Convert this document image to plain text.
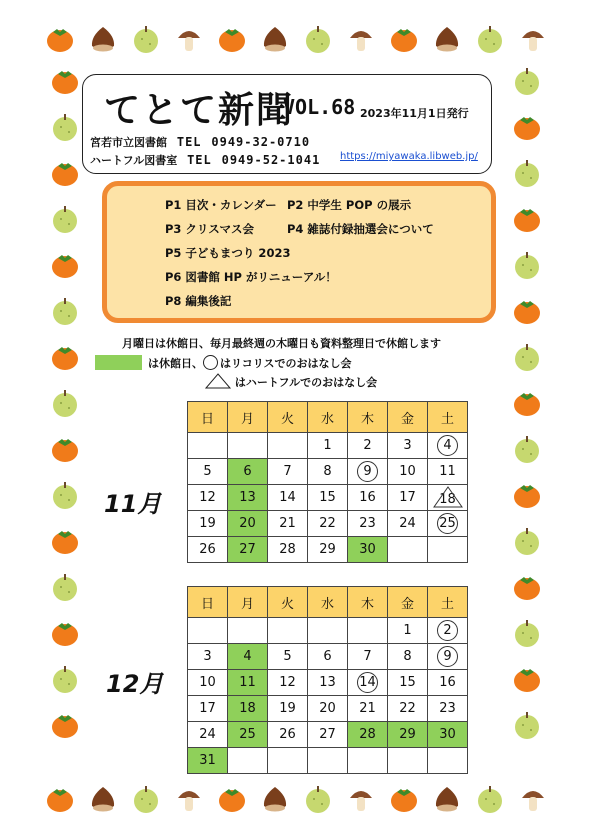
てとて新聞
VOL.68 2023年11月1日発行
宮若市立図書館 TEL 0949-32-0710
ハートフル図書室 TEL 0949-52-1041 https://miyawaka.libweb.jp/
P1 目次・カレンダー P2 中学生 POP の展示
P3 クリスマス会	P4 雑誌付録抽選会について
P5 子どもまつり 2023
P6 図書館 HP がリニューアル！
P8 編集後記
月曜日は休館日、毎月最終週の木曜日も資料整理日で休館します
は休館日、 はリコリスでのおはなし会
はハートフルでのおはなし会
11月
日	月	火	水	木	金	土
			1	2	3	4
5	6	7	8	9	10	11
12	13	14	15	16	17	18

19	20	21	22	23	24	25
26	27	28	29	30		
12月
日	月	火	水	木	金	土
					1	2
3	4	5	6	7	8	9
10	11	12	13	14	15	16
17	18	19	20	21	22	23
24	25	26	27	28	29	30
31						
